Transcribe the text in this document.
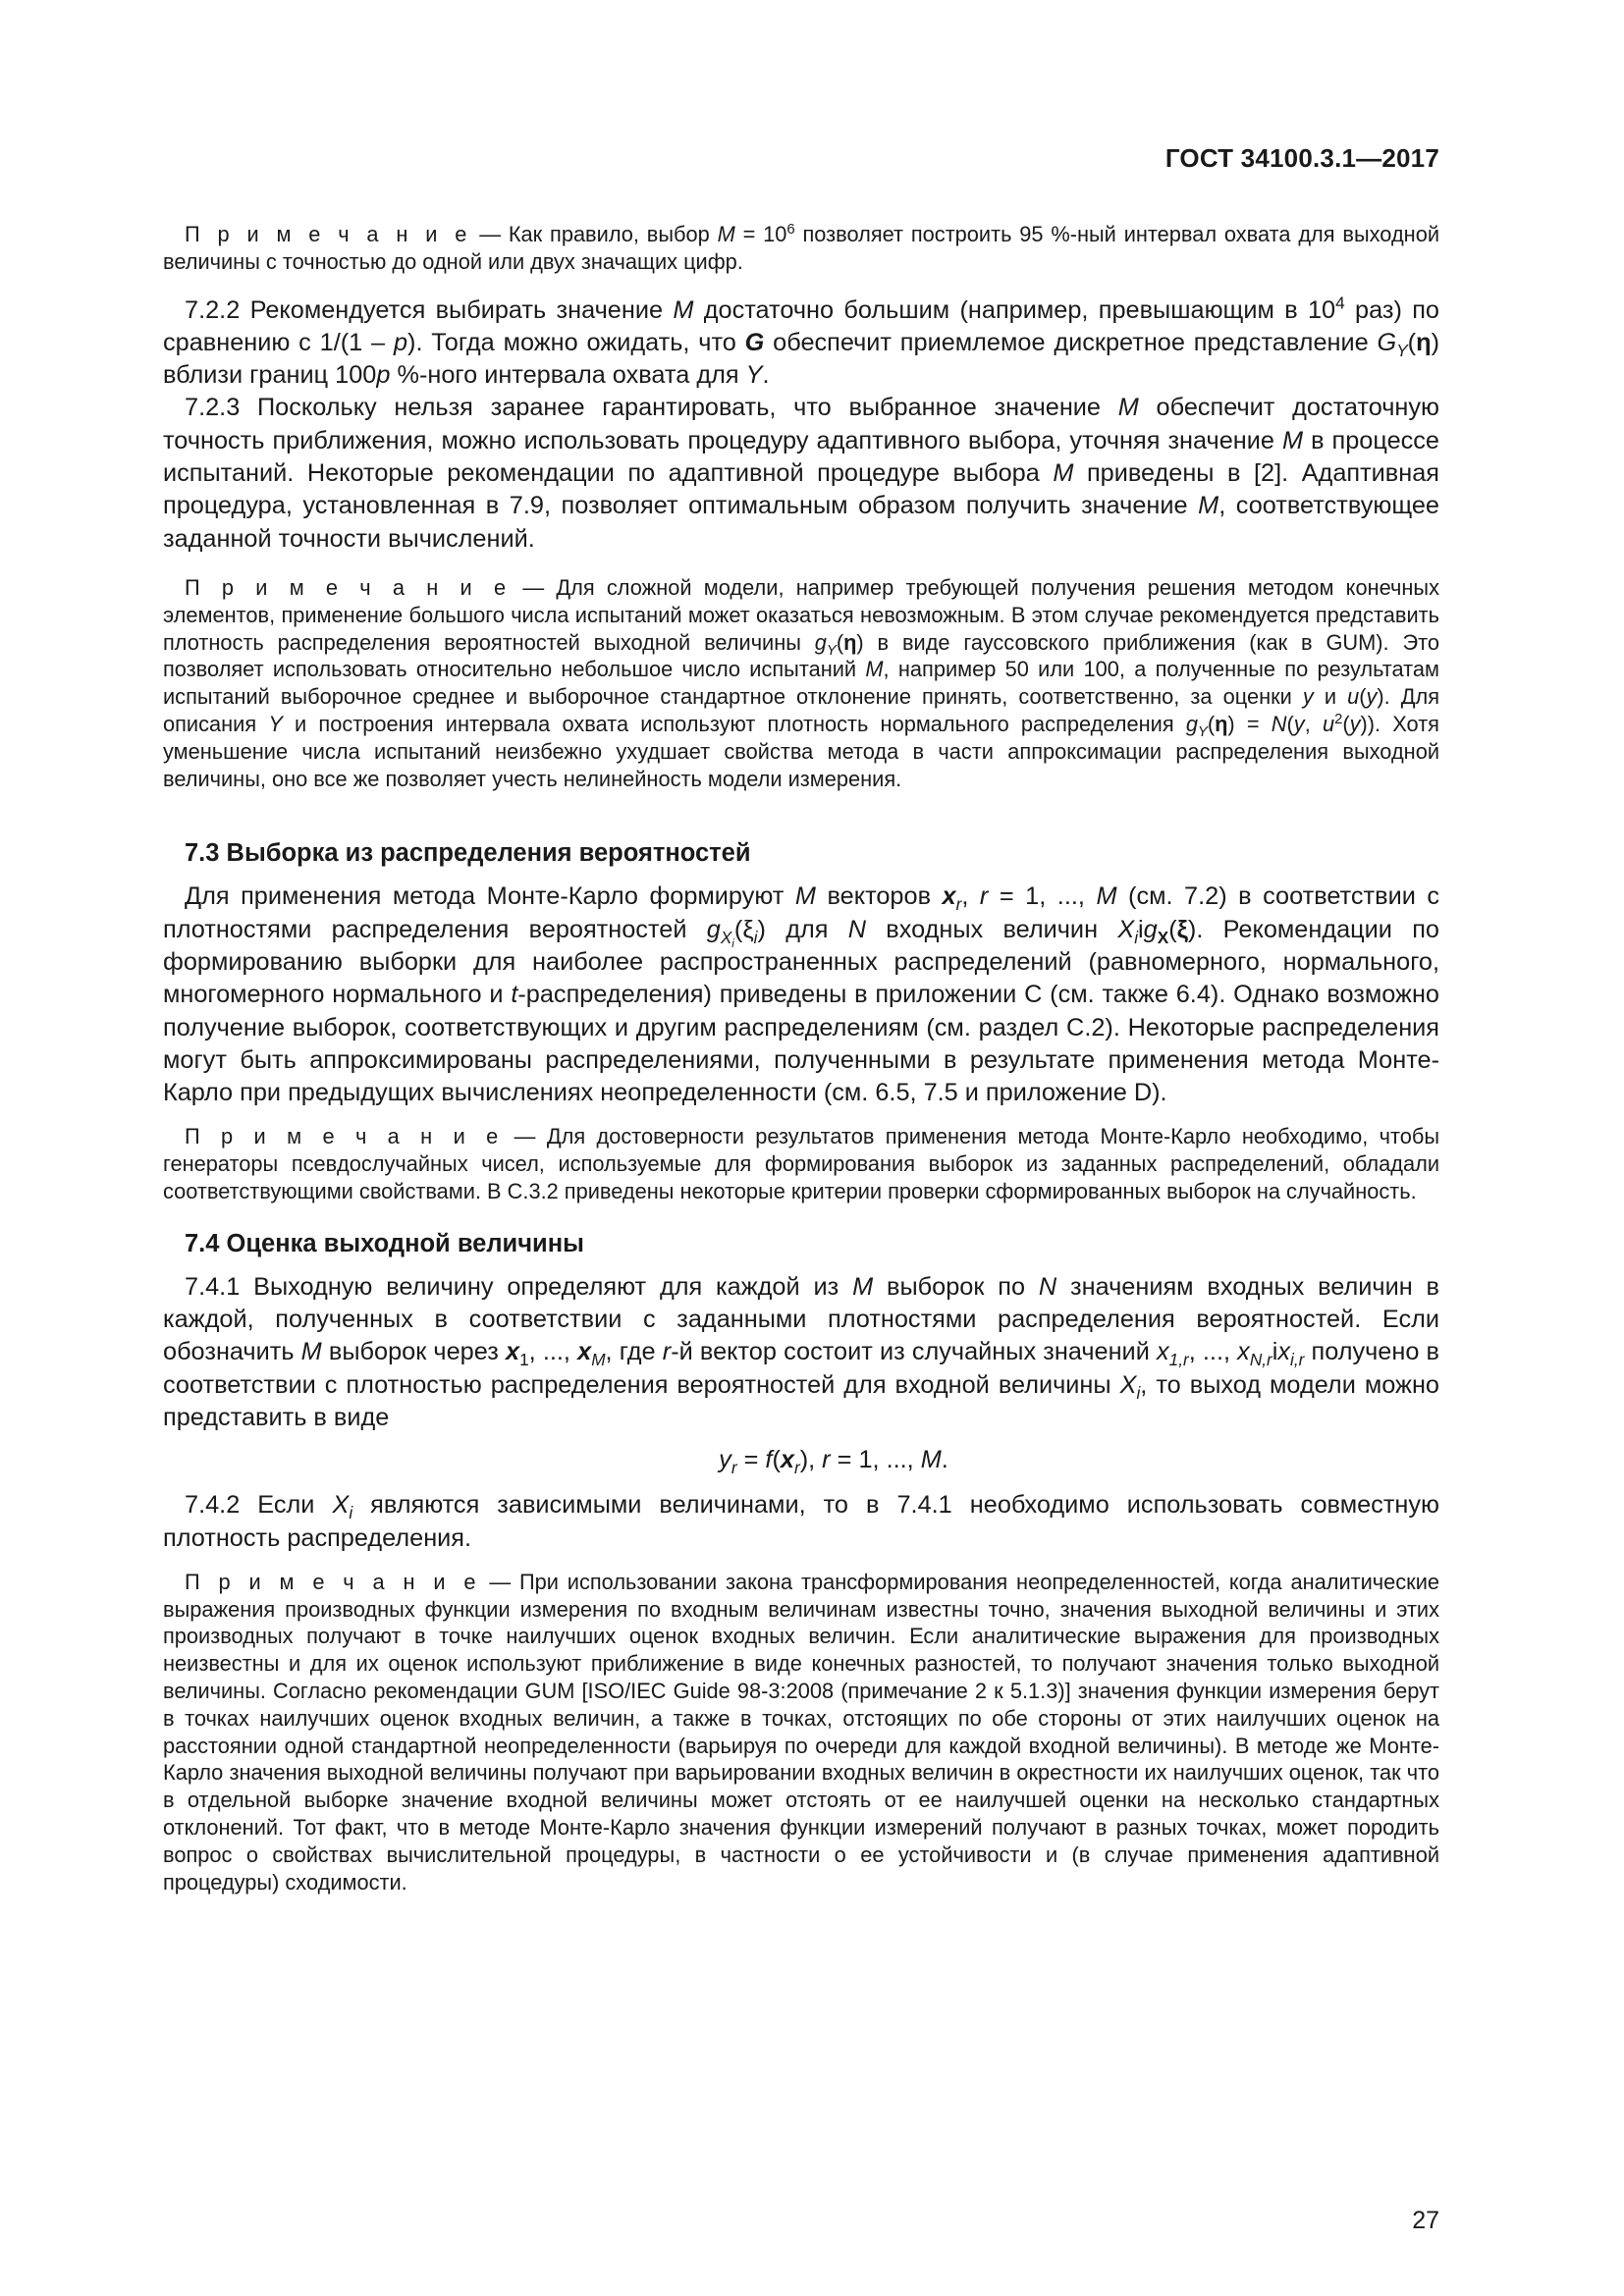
ГОСТ 34100.3.1—2017

П р и м е ч а н и е — Как правило, выбор $M = 10^6$ позволяет построить 95 %-ный интервал охвата для выходной величины с точностью до одной или двух значащих цифр.

7.2.2 Рекомендуется выбирать значение M достаточно большим (например, превышающим в $10^4$ раз) по сравнению с 1/(1 – p). Тогда можно ожидать, что G обеспечит приемлемое дискретное представление $G_Y(\eta)$ вблизи границ 100p %-ного интервала охвата для Y.

7.2.3 Поскольку нельзя заранее гарантировать, что выбранное значение M обеспечит достаточную точность приближения, можно использовать процедуру адаптивного выбора, уточняя значение M в процессе испытаний. Некоторые рекомендации по адаптивной процедуре выбора M приведены в [2]. Адаптивная процедура, установленная в 7.9, позволяет оптимальным образом получить значение M, соответствующее заданной точности вычислений.

П р и м е ч а н и е — Для сложной модели, например требующей получения решения методом конечных элементов, применение большого числа испытаний может оказаться невозможным. В этом случае рекомендуется представить плотность распределения вероятностей выходной величины $g_Y(\eta)$ в виде гауссовского приближения (как в GUM). Это позволяет использовать относительно небольшое число испытаний M, например 50 или 100, а полученные по результатам испытаний выборочное среднее и выборочное стандартное отклонение принять, соответственно, за оценки y и u(y). Для описания Y и построения интервала охвата используют плотность нормального распределения $g_Y(\eta) = N(y$, $u^2(y)$). Хотя уменьшение числа испытаний неизбежно ухудшает свойства метода в части аппроксимации распределения выходной величины, оно все же позволяет учесть нелинейность модели измерения.

7.3 Выборка из распределения вероятностей

Для применения метода Монте-Карло формируют M векторов $x_r$, r = 1, ..., M (см. 7.2) в соответствии с плотностями распределения вероятностей $g_{X_i}(\xi_i)$ для N входных величин $X_iig_X(\xi)$. Рекомендации по формированию выборки для наиболее распространенных распределений (равномерного, нормального, многомерного нормального и t-распределения) приведены в приложении С (см. также 6.4). Однако возможно получение выборок, соответствующих и другим распределениям (см. раздел С.2). Некоторые распределения могут быть аппроксимированы распределениями, полученными в результате применения метода Монте-Карло при предыдущих вычислениях неопределенности (см. 6.5, 7.5 и приложение D).

П р и м е ч а н и е — Для достоверности результатов применения метода Монте-Карло необходимо, чтобы генераторы псевдослучайных чисел, используемые для формирования выборок из заданных распределений, обладали соответствующими свойствами. В С.3.2 приведены некоторые критерии проверки сформированных выборок на случайность.

7.4 Оценка выходной величины

7.4.1 Выходную величину определяют для каждой из M выборок по N значениям входных величин в каждой, полученных в соответствии с заданными плотностями распределения вероятностей. Если обозначить M выборок через $x_1$, ..., $x_M$, где r-й вектор состоит из случайных значений $x_{1,r}$, ..., $x_{N,r}ix_{i,r}$ получено в соответствии с плотностью распределения вероятностей для входной величины $X_i$, то выход модели можно представить в виде

$y_r = f(x_r)$, r = 1, ..., M.

7.4.2 Если $X_i$ являются зависимыми величинами, то в 7.4.1 необходимо использовать совместную плотность распределения.

П р и м е ч а н и е — При использовании закона трансформирования неопределенностей, когда аналитические выражения производных функции измерения по входным величинам известны точно, значения выходной величины и этих производных получают в точке наилучших оценок входных величин. Если аналитические выражения для производных неизвестны и для их оценок используют приближение в виде конечных разностей, то получают значения только выходной величины. Согласно рекомендации GUM [ISO/IEC Guide 98-3:2008 (примечание 2 к 5.1.3)] значения функции измерения берут в точках наилучших оценок входных величин, а также в точках, отстоящих по обе стороны от этих наилучших оценок на расстоянии одной стандартной неопределенности (варьируя по очереди для каждой входной величины). В методе же Монте-Карло значения выходной величины получают при варьировании входных величин в окрестности их наилучших оценок, так что в отдельной выборке значение входной величины может отстоять от ее наилучшей оценки на несколько стандартных отклонений. Тот факт, что в методе Монте-Карло значения функции измерений получают в разных точках, может породить вопрос о свойствах вычислительной процедуры, в частности о ее устойчивости и (в случае применения адаптивной процедуры) сходимости.

27
